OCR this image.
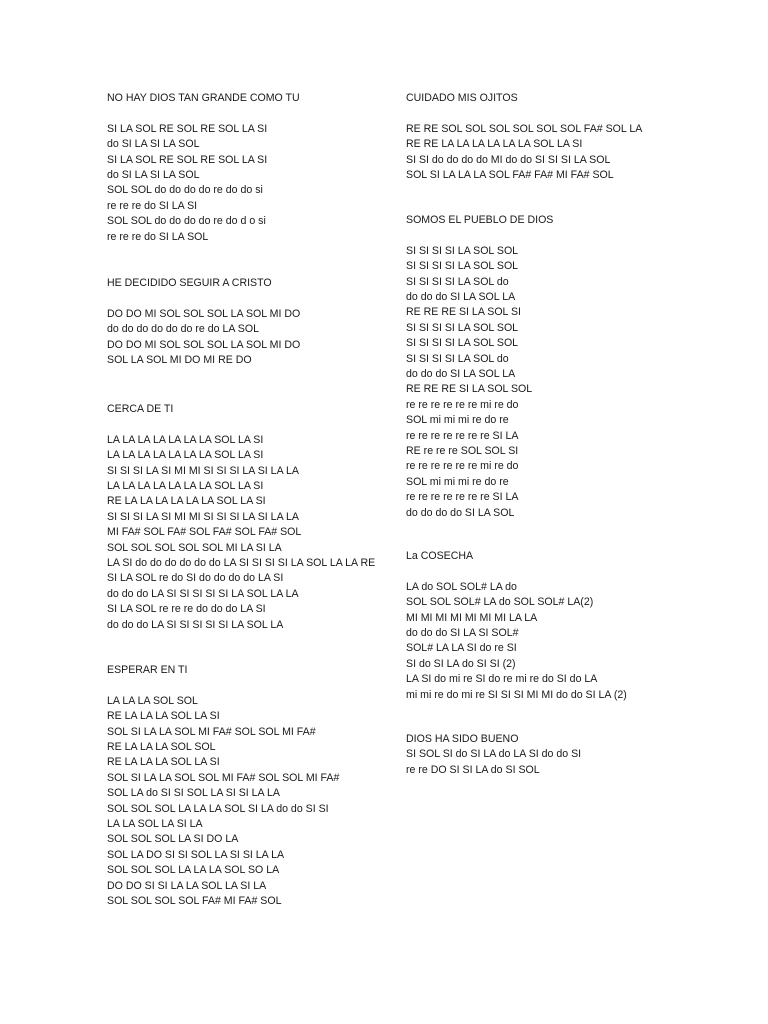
NO HAY DIOS TAN GRANDE COMO TU
SI LA SOL RE SOL RE SOL LA SI
do SI LA SI LA SOL
SI LA SOL RE SOL RE SOL LA SI
do SI LA SI LA SOL
SOL SOL do do do do re do do si
re re re do SI LA SI
SOL SOL do do do do re do d o si
re re re do SI LA SOL
HE DECIDIDO SEGUIR A CRISTO
DO DO MI SOL SOL SOL LA SOL MI DO
do do do do do do re do LA SOL
DO DO MI SOL SOL SOL LA SOL MI DO
SOL LA SOL MI DO MI RE DO
CERCA DE TI
LA LA LA LA LA LA LA SOL LA SI
LA LA LA LA LA LA LA SOL LA SI
SI SI SI LA SI MI MI SI SI SI LA SI LA LA
LA LA LA LA LA LA LA SOL LA SI
RE LA LA LA LA LA LA SOL LA SI
SI SI SI LA SI MI MI SI SI SI LA SI LA LA
MI FA# SOL FA# SOL FA# SOL FA# SOL
SOL SOL SOL SOL SOL MI LA SI LA
LA SI do do do do do do LA SI SI SI SI LA SOL LA LA RE
SI LA SOL re do SI do do do do LA SI
do do do LA SI SI SI SI SI LA SOL LA LA
SI LA SOL re re re do do do LA SI
do do do LA SI SI SI SI SI LA SOL LA
ESPERAR EN TI
LA LA LA SOL SOL
RE LA LA LA SOL LA SI
SOL SI LA LA SOL MI FA# SOL SOL MI FA#
RE LA LA LA SOL SOL
RE LA LA LA SOL LA SI
SOL SI LA LA SOL SOL MI FA# SOL SOL MI FA#
SOL LA do SI SI SOL LA SI SI LA LA
SOL SOL SOL LA LA LA SOL SI LA do do SI SI
LA LA SOL LA SI LA
SOL SOL SOL LA SI DO LA
SOL LA DO SI SI SOL LA SI SI LA LA
SOL SOL SOL LA LA LA SOL SO LA
DO DO SI SI LA LA SOL LA SI LA
SOL SOL SOL SOL FA# MI FA# SOL
CUIDADO MIS OJITOS
RE RE SOL SOL SOL SOL SOL SOL FA# SOL LA
RE RE LA LA LA LA LA LA SOL LA SI
SI SI do do do do MI do do SI SI SI LA SOL
SOL SI LA LA LA SOL FA# FA# MI FA# SOL
SOMOS EL PUEBLO DE DIOS
SI SI SI SI LA SOL SOL
SI SI SI SI LA SOL SOL
SI SI SI SI LA SOL do
do do do SI LA SOL LA
RE RE RE SI LA SOL SI
SI SI SI SI LA SOL SOL
SI SI SI SI LA SOL SOL
SI SI SI SI LA SOL do
do do do SI LA SOL LA
RE RE RE SI LA SOL SOL
re re re re re re mi re do
SOL mi mi mi re do re
re re re re re re re SI LA
RE re re re SOL SOL SI
re re re re re re mi re do
SOL mi mi mi re do re
re re re re re re re SI LA
do do do do SI LA SOL
La COSECHA
LA do SOL SOL# LA do
SOL SOL SOL# LA do SOL SOL# LA(2)
MI MI MI MI MI MI MI LA LA
do do do SI LA SI SOL#
SOL# LA LA SI do re SI
SI do SI LA do SI SI (2)
LA SI do mi re SI do re mi re do SI do LA
mi mi re do mi re SI SI SI MI MI do do SI LA (2)
DIOS HA SIDO BUENO
SI SOL SI do SI LA do LA SI do do SI
re re DO SI SI LA do SI SOL
